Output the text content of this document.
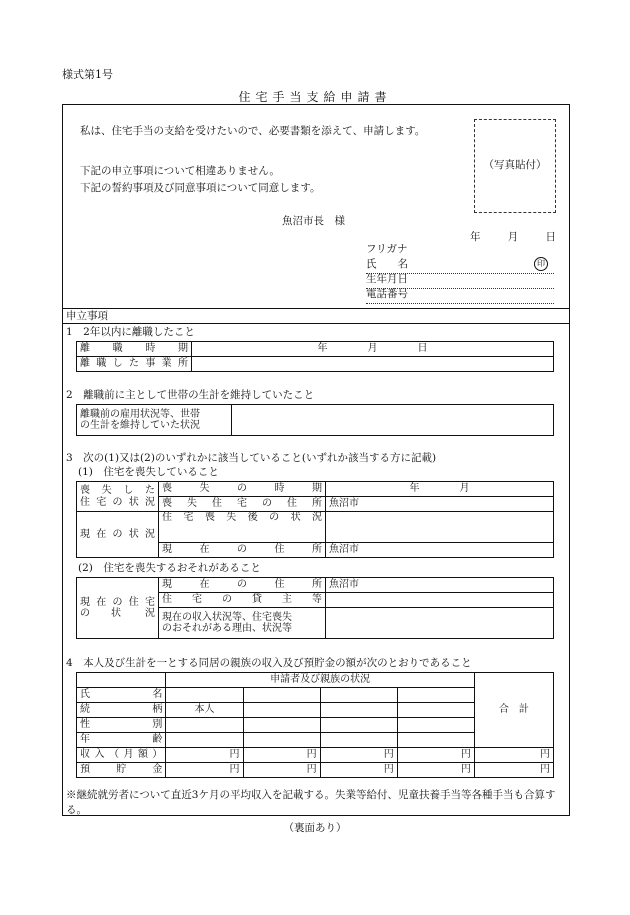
様式第1号
住宅手当支給申請書
私は、住宅手当の支給を受けたいので、必要書類を添えて、申請します。
下記の申立事項について相違ありません。
下記の誓約事項及び同意事項について同意します。
魚沼市長　様
（写真貼付）
年	月	日
フリガナ
氏　　名	印
生年月日
電話番号
申立事項
1　2年以内に離職したこと
離職時期	年　　　　月　　　　日
離職した事業所	
2　離職前に主として世帯の生計を維持していたこと
離職前の雇用状況等、世帯
の生計を維持していた状況	
3　次の(1)又は(2)のいずれかに該当していること(いずれか該当する方に記載)
(1)　住宅を喪失していること
喪失した
住宅の状況	喪失の時期	年　　　　月
	喪失住宅の住所	魚沼市
現在の状況	住宅喪失後の状況	
	現在の住所	魚沼市
(2)　住宅を喪失するおそれがあること
現在の住宅
の 状況	現在の住所	魚沼市
	住宅の貸主等	
	現在の収入状況等、住宅喪失
のおそれがある理由、状況等	
4　本人及び生計を一とする同居の親族の収入及び預貯金の額が次のとおりであること
	申請者及び親族の状況				合　計
氏名					
続柄	本人				
性別					
年齢					
収入（月額）	円	円	円	円	円
預貯金	円	円	円	円	円
※継続就労者について直近3ケ月の平均収入を記載する。失業等給付、児童扶養手当等各種手当も合算する。
（裏面あり）
